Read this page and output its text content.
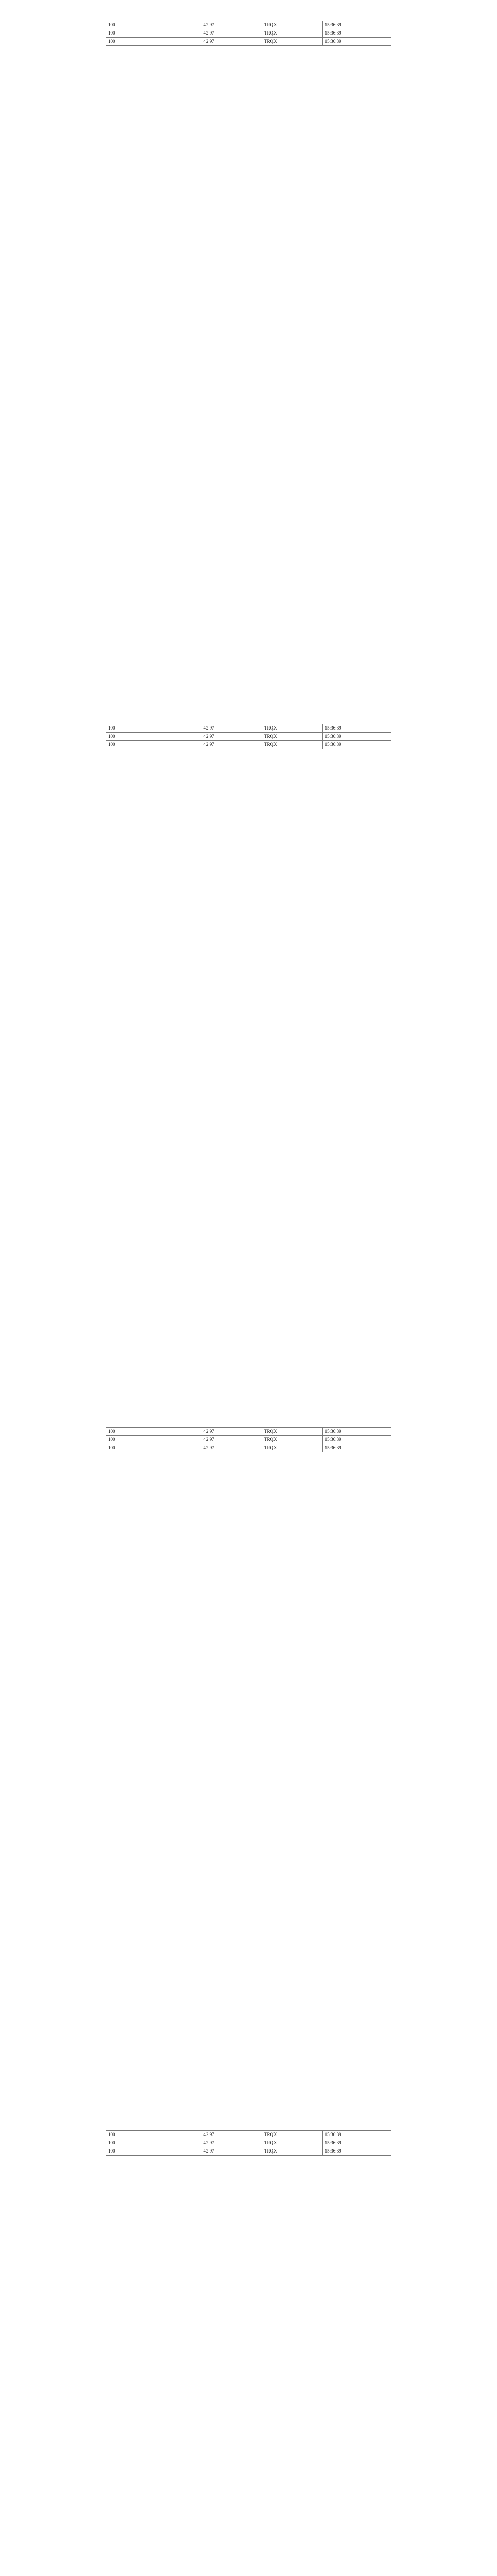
100	42.97	TRQX	15:36:39
100	42.97	TRQX	15:36:39
100	42.97	TRQX	15:36:39
100	42.97	TRQX	15:36:39
100	42.97	TRQX	15:36:39
100	42.97	TRQX	15:36:39
100	42.97	TRQX	15:36:39
100	42.97	TRQX	15:36:39
100	42.97	TRQX	15:36:39
100	42.97	TRQX	15:36:39
100	42.97	TRQX	15:36:39
100	42.97	TRQX	15:36:39
